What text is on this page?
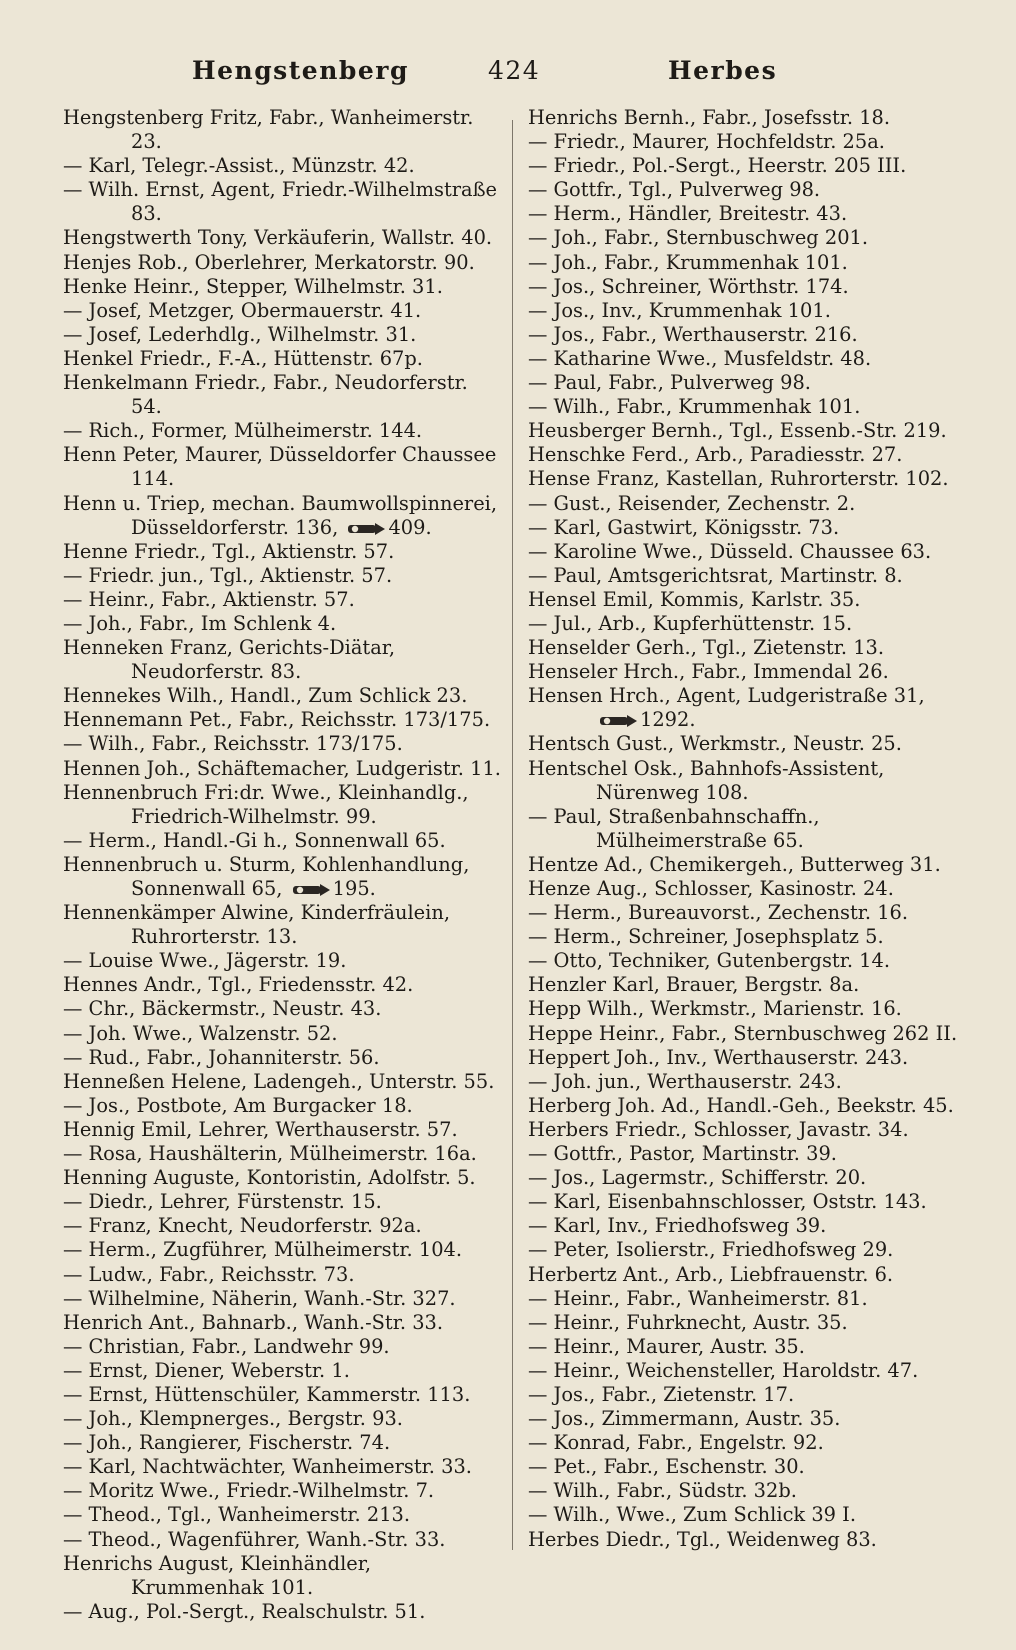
Hengstenberg	424	Herbes
Hengstenberg Fritz, Fabr., Wanheimerstr. 23.
— Karl, Telegr.-Assist., Münzstr. 42.
— Wilh. Ernst, Agent, Friedr.-Wilhelmstraße 83.
Hengstwerth Tony, Verkäuferin, Wallstr. 40.
Henjes Rob., Oberlehrer, Merkatorstr. 90.
Henke Heinr., Stepper, Wilhelmstr. 31.
— Josef, Metzger, Obermauerstr. 41.
— Josef, Lederhdlg., Wilhelmstr. 31.
Henkel Friedr., F.-A., Hüttenstr. 67p.
Henkelmann Friedr., Fabr., Neudorferstr. 54.
— Rich., Former, Mülheimerstr. 144.
Henn Peter, Maurer, Düsseldorfer Chaussee 114.
Henn u. Triep, mechan. Baumwollspinnerei, Düsseldorferstr. 136,	409.
Henne Friedr., Tgl., Aktienstr. 57.
— Friedr. jun., Tgl., Aktienstr. 57.
— Heinr., Fabr., Aktienstr. 57.
— Joh., Fabr., Im Schlenk 4.
Henneken Franz, Gerichts-Diätar, Neudorferstr. 83.
Hennekes Wilh., Handl., Zum Schlick 23.
Hennemann Pet., Fabr., Reichsstr. 173/175.
— Wilh., Fabr., Reichsstr. 173/175.
Hennen Joh., Schäftemacher, Ludgeristr. 11.
Hennenbruch Fri:dr. Wwe., Kleinhandlg., Friedrich-Wilhelmstr. 99.
— Herm., Handl.-Gi h., Sonnenwall 65.
Hennenbruch u. Sturm, Kohlenhandlung, Sonnenwall 65,	195.
Hennenkämper Alwine, Kinderfräulein, Ruhrorterstr. 13.
— Louise Wwe., Jägerstr. 19.
Hennes Andr., Tgl., Friedensstr. 42.
— Chr., Bäckermstr., Neustr. 43.
— Joh. Wwe., Walzenstr. 52.
— Rud., Fabr., Johanniterstr. 56.
Henneßen Helene, Ladengeh., Unterstr. 55.
— Jos., Postbote, Am Burgacker 18.
Hennig Emil, Lehrer, Werthauserstr. 57.
— Rosa, Haushälterin, Mülheimerstr. 16a.
Henning Auguste, Kontoristin, Adolfstr. 5.
— Diedr., Lehrer, Fürstenstr. 15.
— Franz, Knecht, Neudorferstr. 92a.
— Herm., Zugführer, Mülheimerstr. 104.
— Ludw., Fabr., Reichsstr. 73.
— Wilhelmine, Näherin, Wanh.-Str. 327.
Henrich Ant., Bahnarb., Wanh.-Str. 33.
— Christian, Fabr., Landwehr 99.
— Ernst, Diener, Weberstr. 1.
— Ernst, Hüttenschüler, Kammerstr. 113.
— Joh., Klempnerges., Bergstr. 93.
— Joh., Rangierer, Fischerstr. 74.
— Karl, Nachtwächter, Wanheimerstr. 33.
— Moritz Wwe., Friedr.-Wilhelmstr. 7.
— Theod., Tgl., Wanheimerstr. 213.
— Theod., Wagenführer, Wanh.-Str. 33.
Henrichs August, Kleinhändler, Krummenhak 101.
— Aug., Pol.-Sergt., Realschulstr. 51.
Henrichs Bernh., Fabr., Josefsstr. 18.
— Friedr., Maurer, Hochfeldstr. 25a.
— Friedr., Pol.-Sergt., Heerstr. 205 III.
— Gottfr., Tgl., Pulverweg 98.
— Herm., Händler, Breitestr. 43.
— Joh., Fabr., Sternbuschweg 201.
— Joh., Fabr., Krummenhak 101.
— Jos., Schreiner, Wörthstr. 174.
— Jos., Inv., Krummenhak 101.
— Jos., Fabr., Werthauserstr. 216.
— Katharine Wwe., Musfeldstr. 48.
— Paul, Fabr., Pulverweg 98.
— Wilh., Fabr., Krummenhak 101.
Heusberger Bernh., Tgl., Essenb.-Str. 219.
Henschke Ferd., Arb., Paradiesstr. 27.
Hense Franz, Kastellan, Ruhrorterstr. 102.
— Gust., Reisender, Zechenstr. 2.
— Karl, Gastwirt, Königsstr. 73.
— Karoline Wwe., Düsseld. Chaussee 63.
— Paul, Amtsgerichtsrat, Martinstr. 8.
Hensel Emil, Kommis, Karlstr. 35.
— Jul., Arb., Kupferhüttenstr. 15.
Henselder Gerh., Tgl., Zietenstr. 13.
Henseler Hrch., Fabr., Immendal 26.
Hensen Hrch., Agent, Ludgeristraße 31, 1292.
Hentsch Gust., Werkmstr., Neustr. 25.
Hentschel Osk., Bahnhofs-Assistent, Nürenweg 108.
— Paul, Straßenbahnschaffn., Mülheimerstraße 65.
Hentze Ad., Chemikergeh., Butterweg 31.
Henze Aug., Schlosser, Kasinostr. 24.
— Herm., Bureauvorst., Zechenstr. 16.
— Herm., Schreiner, Josephsplatz 5.
— Otto, Techniker, Gutenbergstr. 14.
Henzler Karl, Brauer, Bergstr. 8a.
Hepp Wilh., Werkmstr., Marienstr. 16.
Heppe Heinr., Fabr., Sternbuschweg 262 II.
Heppert Joh., Inv., Werthauserstr. 243.
— Joh. jun., Werthauserstr. 243.
Herberg Joh. Ad., Handl.-Geh., Beekstr. 45.
Herbers Friedr., Schlosser, Javastr. 34.
— Gottfr., Pastor, Martinstr. 39.
— Jos., Lagermstr., Schifferstr. 20.
— Karl, Eisenbahnschlosser, Oststr. 143.
— Karl, Inv., Friedhofsweg 39.
— Peter, Isolierstr., Friedhofsweg 29.
Herbertz Ant., Arb., Liebfrauenstr. 6.
— Heinr., Fabr., Wanheimerstr. 81.
— Heinr., Fuhrknecht, Austr. 35.
— Heinr., Maurer, Austr. 35.
— Heinr., Weichensteller, Haroldstr. 47.
— Jos., Fabr., Zietenstr. 17.
— Jos., Zimmermann, Austr. 35.
— Konrad, Fabr., Engelstr. 92.
— Pet., Fabr., Eschenstr. 30.
— Wilh., Fabr., Südstr. 32b.
— Wilh., Wwe., Zum Schlick 39 I.
Herbes Diedr., Tgl., Weidenweg 83.
